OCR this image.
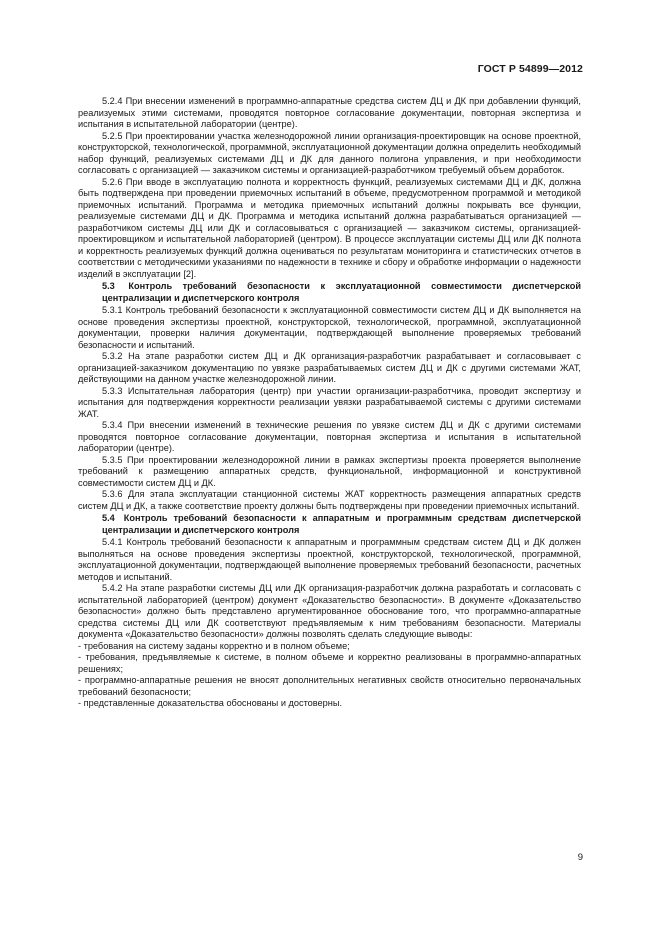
ГОСТ Р 54899—2012

5.2.4 При внесении изменений в программно-аппаратные средства систем ДЦ и ДК при добавлении функций, реализуемых этими системами, проводятся повторное согласование документации, повторная экспертиза и испытания в испытательной лаборатории (центре).

5.2.5 При проектировании участка железнодорожной линии организация-проектировщик на основе проектной, конструкторской, технологической, программной, эксплуатационной документации должна определить необходимый набор функций, реализуемых системами ДЦ и ДК для данного полигона управления, и при необходимости согласовать с организацией — заказчиком системы и организацией-разработчиком требуемый объем доработок.

5.2.6 При вводе в эксплуатацию полнота и корректность функций, реализуемых системами ДЦ и ДК, должна быть подтверждена при проведении приемочных испытаний в объеме, предусмотренном программой и методикой приемочных испытаний. Программа и методика приемочных испытаний должны покрывать все функции, реализуемые системами ДЦ и ДК. Программа и методика испытаний должна разрабатываться организацией — разработчиком системы ДЦ или ДК и согласовываться с организацией — заказчиком системы, организацией-проектировщиком и испытательной лабораторией (центром). В процессе эксплуатации системы ДЦ или ДК полнота и корректность реализуемых функций должна оцениваться по результатам мониторинга и статистических отчетов в соответствии с методическими указаниями по надежности в технике и сбору и обработке информации о надежности изделий в эксплуатации [2].

5.3 Контроль требований безопасности к эксплуатационной совместимости диспетчерской централизации и диспетчерского контроля

5.3.1 Контроль требований безопасности к эксплуатационной совместимости систем ДЦ и ДК выполняется на основе проведения экспертизы проектной, конструкторской, технологической, программной, эксплуатационной документации, проверки наличия документации, подтверждающей выполнение проверяемых требований безопасности и испытаний.

5.3.2 На этапе разработки систем ДЦ и ДК организация-разработчик разрабатывает и согласовывает с организацией-заказчиком документацию по увязке разрабатываемых систем ДЦ и ДК с другими системами ЖАТ, действующими на данном участке железнодорожной линии.

5.3.3 Испытательная лаборатория (центр) при участии организации-разработчика, проводит экспертизу и испытания для подтверждения корректности реализации увязки разрабатываемой системы с другими системами ЖАТ.

5.3.4 При внесении изменений в технические решения по увязке систем ДЦ и ДК с другими системами проводятся повторное согласование документации, повторная экспертиза и испытания в испытательной лаборатории (центре).

5.3.5 При проектировании железнодорожной линии в рамках экспертизы проекта проверяется выполнение требований к размещению аппаратных средств, функциональной, информационной и конструктивной совместимости систем ДЦ и ДК.

5.3.6 Для этапа эксплуатации станционной системы ЖАТ корректность размещения аппаратных средств систем ДЦ и ДК, а также соответствие проекту должны быть подтверждены при проведении приемочных испытаний.

5.4 Контроль требований безопасности к аппаратным и программным средствам диспетчерской централизации и диспетчерского контроля

5.4.1 Контроль требований безопасности к аппаратным и программным средствам систем ДЦ и ДК должен выполняться на основе проведения экспертизы проектной, конструкторской, технологической, программной, эксплуатационной документации, подтверждающей выполнение проверяемых требований безопасности, расчетных методов и испытаний.

5.4.2 На этапе разработки системы ДЦ или ДК организация-разработчик должна разработать и согласовать с испытательной лабораторией (центром) документ «Доказательство безопасности». В документе «Доказательство безопасности» должно быть представлено аргументированное обоснование того, что программно-аппаратные средства системы ДЦ или ДК соответствуют предъявляемым к ним требованиям безопасности. Материалы документа «Доказательство безопасности» должны позволять сделать следующие выводы:

- требования на систему заданы корректно и в полном объеме;

- требования, предъявляемые к системе, в полном объеме и корректно реализованы в программно-аппаратных решениях;

- программно-аппаратные решения не вносят дополнительных негативных свойств относительно первоначальных требований безопасности;

- представленные доказательства обоснованы и достоверны.

9
